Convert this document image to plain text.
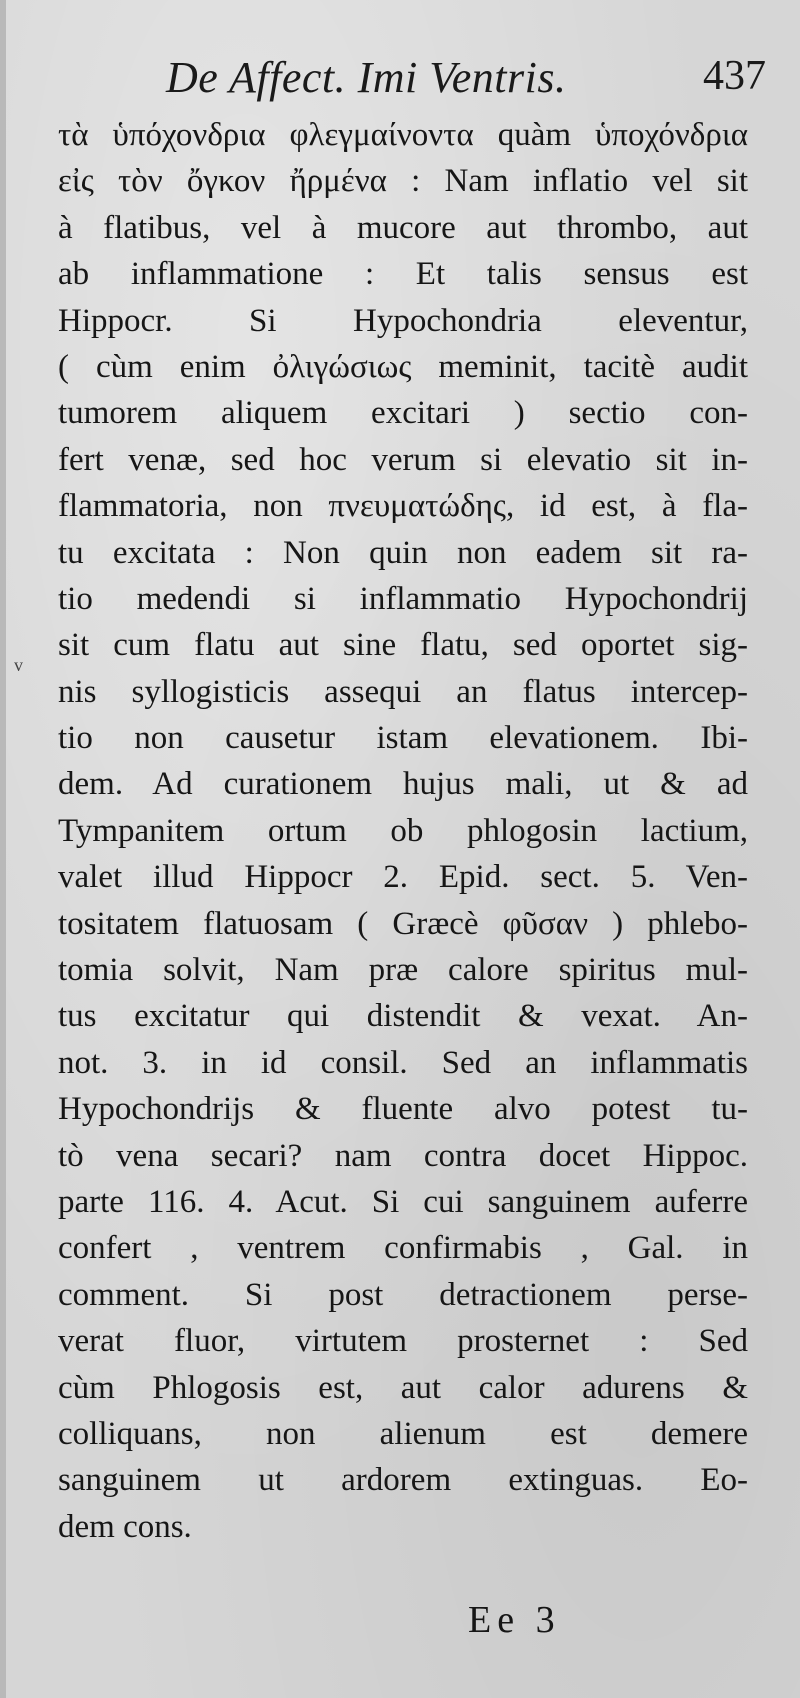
De Affect. Imi Ventris.	437
v
τὰ ὑπόχονδρια φλεγμαίνοντα quàm ὑποχόνδρια
εἰς τὸν ὄγκον ἤρμένα : Nam inflatio vel sit
à flatibus, vel à mucore aut thrombo, aut
ab inflammatione : Et talis sensus est
Hippocr. Si Hypochondria eleventur,
( cùm enim ὀλιγώσιως meminit, tacitè audit
tumorem aliquem excitari ) sectio con-
fert venæ, sed hoc verum si elevatio sit in-
flammatoria, non πνευματώδης, id est, à fla-
tu excitata : Non quin non eadem sit ra-
tio medendi si inflammatio Hypochondrij
sit cum flatu aut sine flatu, sed oportet sig-
nis syllogisticis assequi an flatus intercep-
tio non causetur istam elevationem. Ibi-
dem. Ad curationem hujus mali, ut & ad
Tympanitem ortum ob phlogosin lactium,
valet illud Hippocr 2. Epid. sect. 5. Ven-
tositatem flatuosam ( Græcè φῦσαν ) phlebo-
tomia solvit, Nam præ calore spiritus mul-
tus excitatur qui distendit & vexat. An-
not. 3. in id consil. Sed an inflammatis
Hypochondrijs & fluente alvo potest tu-
tò vena secari? nam contra docet Hippoc.
parte 116. 4. Acut. Si cui sanguinem auferre
confert , ventrem confirmabis , Gal. in
comment. Si post detractionem perse-
verat fluor, virtutem prosternet : Sed
cùm Phlogosis est, aut calor adurens &
colliquans, non alienum est demere
sanguinem ut ardorem extinguas. Eo-
dem cons.
Ee 3
